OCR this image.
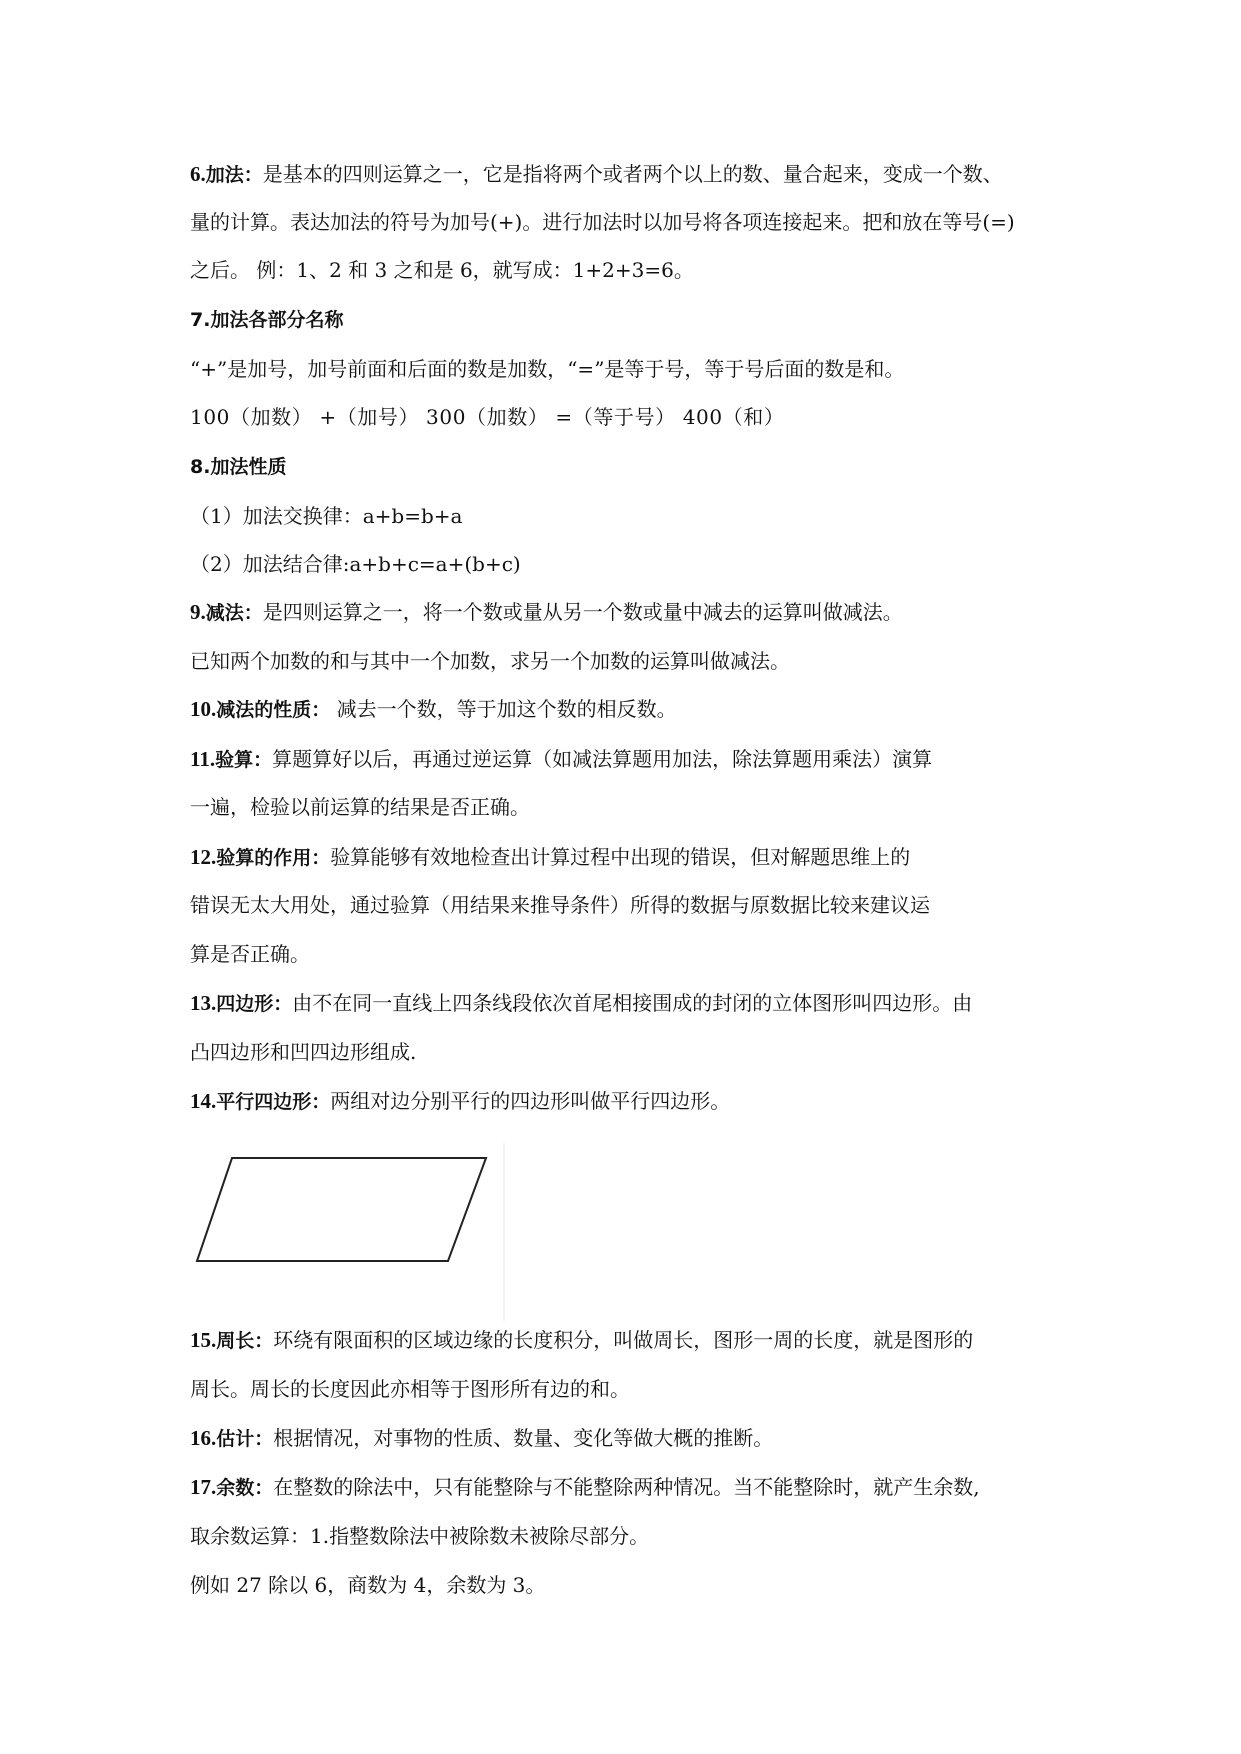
6.加法：是基本的四则运算之一，它是指将两个或者两个以上的数、量合起来，变成一个数、
量的计算。表达加法的符号为加号(+)。进行加法时以加号将各项连接起来。把和放在等号(=)
之后。 例：1、2 和 3 之和是 6，就写成：1+2+3=6。
7.加法各部分名称
“+”是加号，加号前面和后面的数是加数，“=”是等于号，等于号后面的数是和。
100（加数） +（加号） 300（加数） =（等于号） 400（和）
8.加法性质
（1）加法交换律：a+b=b+a
（2）加法结合律:a+b+c=a+(b+c)
9.减法：是四则运算之一，将一个数或量从另一个数或量中减去的运算叫做减法。
已知两个加数的和与其中一个加数，求另一个加数的运算叫做减法。
10.减法的性质： 减去一个数，等于加这个数的相反数。
11.验算：算题算好以后，再通过逆运算（如减法算题用加法，除法算题用乘法）演算
一遍，检验以前运算的结果是否正确。
12.验算的作用：验算能够有效地检查出计算过程中出现的错误，但对解题思维上的
错误无太大用处，通过验算（用结果来推导条件）所得的数据与原数据比较来建议运
算是否正确。
13.四边形：由不在同一直线上四条线段依次首尾相接围成的封闭的立体图形叫四边形。由
凸四边形和凹四边形组成.
14.平行四边形：两组对边分别平行的四边形叫做平行四边形。
15.周长：环绕有限面积的区域边缘的长度积分，叫做周长，图形一周的长度，就是图形的
周长。周长的长度因此亦相等于图形所有边的和。
16.估计：根据情况，对事物的性质、数量、变化等做大概的推断。
17.余数：在整数的除法中，只有能整除与不能整除两种情况。当不能整除时，就产生余数,
取余数运算：1.指整数除法中被除数未被除尽部分。
例如 27 除以 6，商数为 4，余数为 3。
